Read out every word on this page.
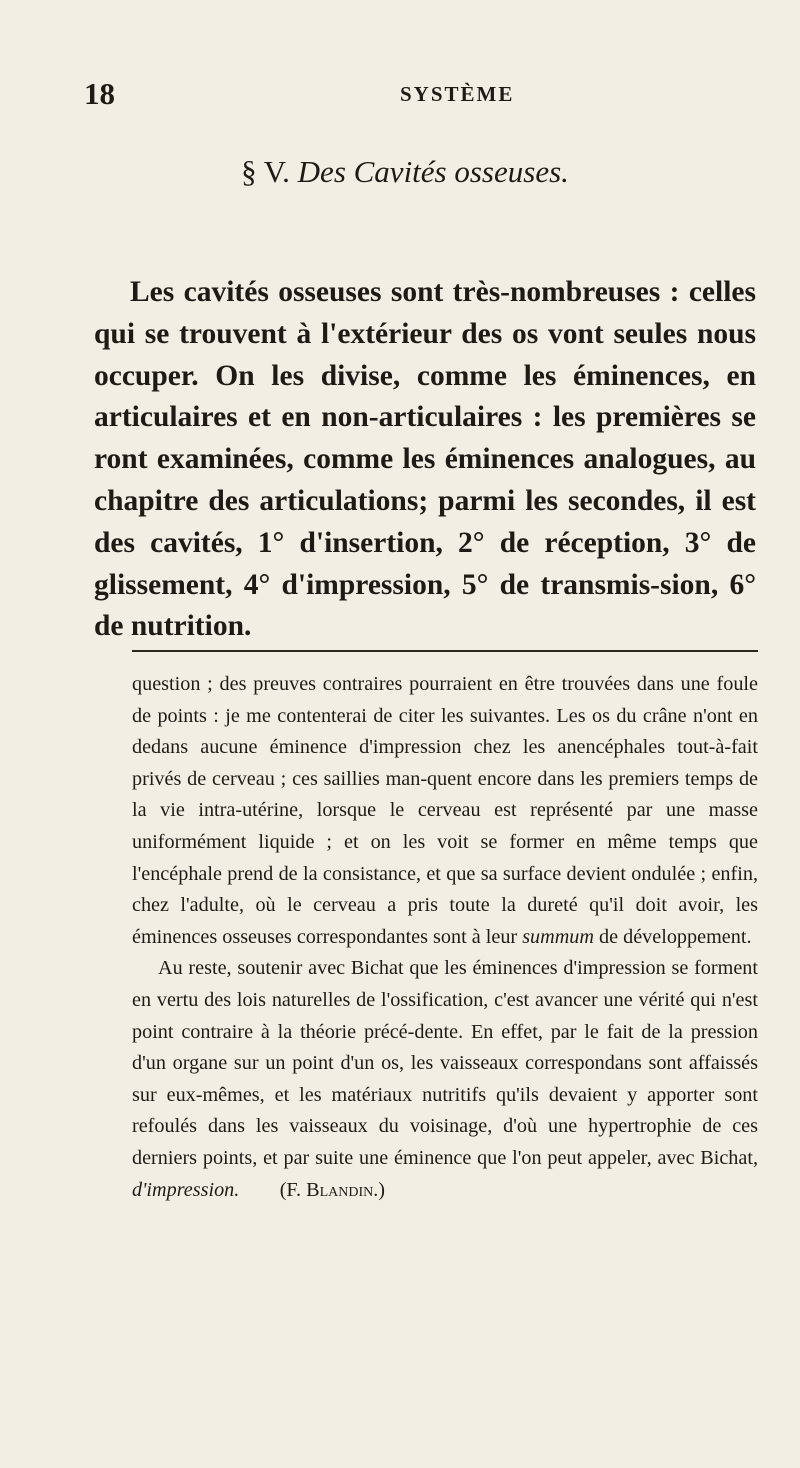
18	SYSTÈME
§ V. Des Cavités osseuses.

Les cavités osseuses sont très-nombreuses : celles qui se trouvent à l'extérieur des os vont seules nous occuper. On les divise, comme les éminences, en articulaires et en non-articulaires : les premières se ront examinées, comme les éminences analogues, au chapitre des articulations; parmi les secondes, il est des cavités, 1° d'insertion, 2° de réception, 3° de glissement, 4° d'impression, 5° de transmis-sion, 6° de nutrition.

question ; des preuves contraires pourraient en être trouvées dans une foule de points : je me contenterai de citer les suivantes. Les os du crâne n'ont en dedans aucune éminence d'impression chez les anencéphales tout-à-fait privés de cerveau ; ces saillies man-quent encore dans les premiers temps de la vie intra-utérine, lorsque le cerveau est représenté par une masse uniformément liquide ; et on les voit se former en même temps que l'encéphale prend de la consistance, et que sa surface devient ondulée ; enfin, chez l'adulte, où le cerveau a pris toute la dureté qu'il doit avoir, les éminences osseuses correspondantes sont à leur summum de développement.

Au reste, soutenir avec Bichat que les éminences d'impression se forment en vertu des lois naturelles de l'ossification, c'est avancer une vérité qui n'est point contraire à la théorie précé-dente. En effet, par le fait de la pression d'un organe sur un point d'un os, les vaisseaux correspondans sont affaissés sur eux-mêmes, et les matériaux nutritifs qu'ils devaient y apporter sont refoulés dans les vaisseaux du voisinage, d'où une hypertrophie de ces derniers points, et par suite une éminence que l'on peut appeler, avec Bichat, d'impression. (F. Blandin.)
